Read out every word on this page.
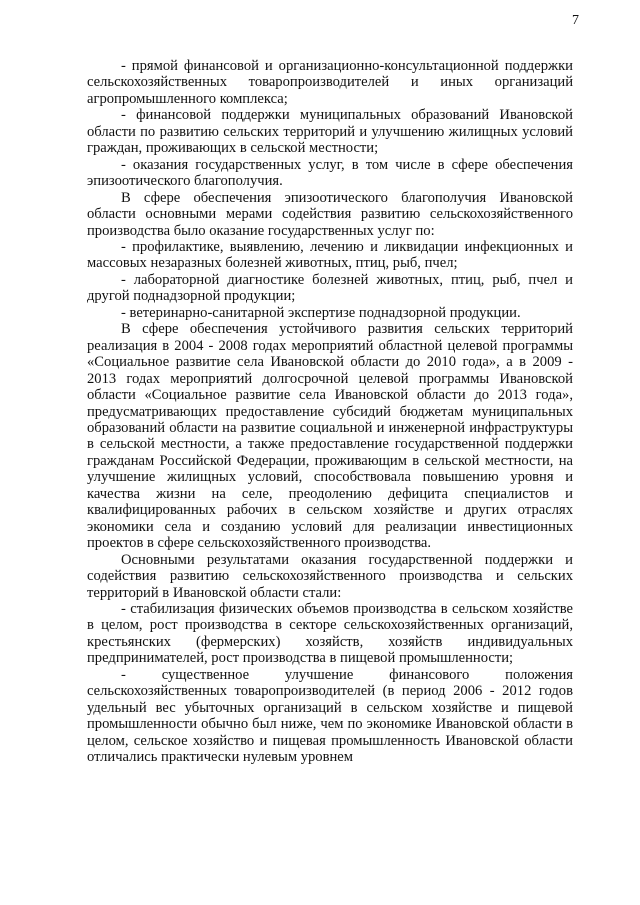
7

- прямой финансовой и организационно-консультационной поддержки сельскохозяйственных товаропроизводителей и иных организаций агропромышленного комплекса;

- финансовой поддержки муниципальных образований Ивановской области по развитию сельских территорий и улучшению жилищных условий граждан, проживающих в сельской местности;

- оказания государственных услуг, в том числе в сфере обеспечения эпизоотического благополучия.

В сфере обеспечения эпизоотического благополучия Ивановской области основными мерами содействия развитию сельскохозяйственного производства было оказание государственных услуг по:

- профилактике, выявлению, лечению и ликвидации инфекционных и массовых незаразных болезней животных, птиц, рыб, пчел;

- лабораторной диагностике болезней животных, птиц, рыб, пчел и другой поднадзорной продукции;

- ветеринарно-санитарной экспертизе поднадзорной продукции.

В сфере обеспечения устойчивого развития сельских территорий реализация в 2004 - 2008 годах мероприятий областной целевой программы «Социальное развитие села Ивановской области до 2010 года», а в 2009 - 2013 годах мероприятий долгосрочной целевой программы Ивановской области «Социальное развитие села Ивановской области до 2013 года», предусматривающих предоставление субсидий бюджетам муниципальных образований области на развитие социальной и инженерной инфраструктуры в сельской местности, а также предоставление государственной поддержки гражданам Российской Федерации, проживающим в сельской местности, на улучшение жилищных условий, способствовала повышению уровня и качества жизни на селе, преодолению дефицита специалистов и квалифицированных рабочих в сельском хозяйстве и других отраслях экономики села и созданию условий для реализации инвестиционных проектов в сфере сельскохозяйственного производства.

Основными результатами оказания государственной поддержки и содействия развитию сельскохозяйственного производства и сельских территорий в Ивановской области стали:

- стабилизация физических объемов производства в сельском хозяйстве в целом, рост производства в секторе сельскохозяйственных организаций, крестьянских (фермерских) хозяйств, хозяйств индивидуальных предпринимателей, рост производства в пищевой промышленности;

- существенное улучшение финансового положения сельскохозяйственных товаропроизводителей (в период 2006 - 2012 годов удельный вес убыточных организаций в сельском хозяйстве и пищевой промышленности обычно был ниже, чем по экономике Ивановской области в целом, сельское хозяйство и пищевая промышленность Ивановской области отличались практически нулевым уровнем
